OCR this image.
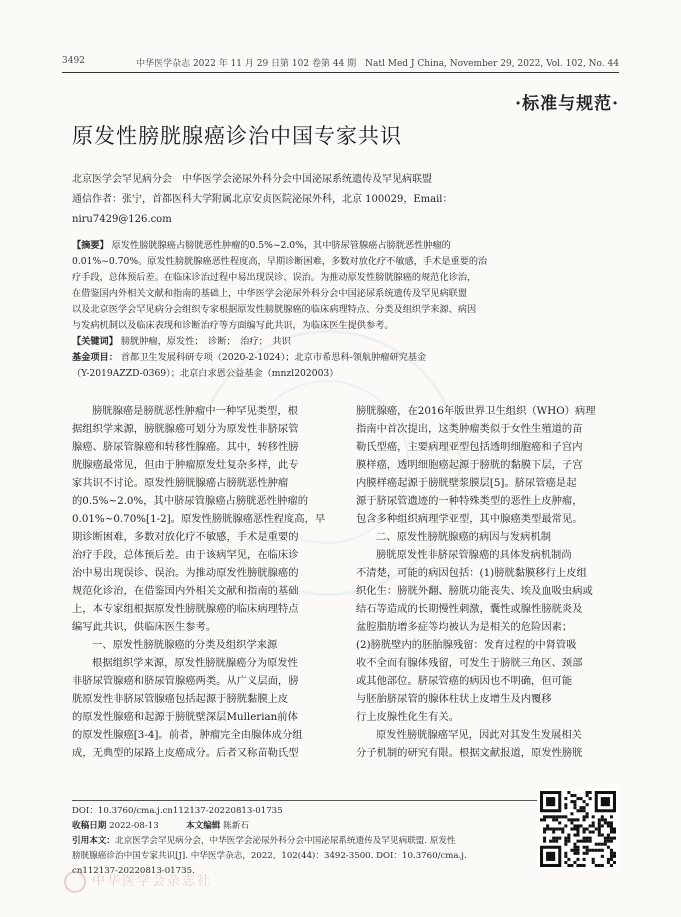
3492	中华医学杂志 2022 年 11 月 29 日第 102 卷第 44 期　Natl Med J China, November 29, 2022, Vol. 102, No. 44
·标准与规范·
原发性膀胱腺癌诊治中国专家共识
北京医学会罕见病分会　中华医学会泌尿外科分会中国泌尿系统遗传及罕见病联盟
通信作者：张宁，首都医科大学附属北京安贞医院泌尿外科，北京 100029，Email：
niru7429@126.com
【摘要】 原发性膀胱腺癌占膀胱恶性肿瘤的0.5%~2.0%，其中脐尿管腺癌占膀胱恶性肿瘤的
0.01%~0.70%。原发性膀胱腺癌恶性程度高，早期诊断困难，多数对放化疗不敏感，手术是重要的治
疗手段，总体预后差。在临床诊治过程中易出现误诊、误治。为推动原发性膀胱腺癌的规范化诊治，
在借鉴国内外相关文献和指南的基础上，中华医学会泌尿外科分会中国泌尿系统遗传及罕见病联盟
以及北京医学会罕见病分会组织专家根据原发性膀胱腺癌的临床病理特点、分类及组织学来源、病因
与发病机制以及临床表现和诊断治疗等方面编写此共识，为临床医生提供参考。
【关键词】 膀胱肿瘤，原发性；　诊断；　治疗；　共识
基金项目： 首都卫生发展科研专项（2020-2-1024）；北京市希思科-领航肿瘤研究基金
（Y-2019AZZD-0369）；北京白求恩公益基金（mnzl202003）
膀胱腺癌是膀胱恶性肿瘤中一种罕见类型，根
据组织学来源，膀胱腺癌可划分为原发性非脐尿管
腺癌、脐尿管腺癌和转移性腺癌。其中，转移性膀
胱腺癌最常见，但由于肿瘤原发灶复杂多样，此专
家共识不讨论。原发性膀胱腺癌占膀胱恶性肿瘤
的0.5%~2.0%，其中脐尿管腺癌占膀胱恶性肿瘤的
0.01%~0.70%[1-2]。原发性膀胱腺癌恶性程度高，早
期诊断困难，多数对放化疗不敏感，手术是重要的
治疗手段，总体预后差。由于该病罕见，在临床诊
治中易出现误诊、误治。为推动原发性膀胱腺癌的
规范化诊治，在借鉴国内外相关文献和指南的基础
上，本专家组根据原发性膀胱腺癌的临床病理特点
编写此共识，供临床医生参考。
一、原发性膀胱腺癌的分类及组织学来源
根据组织学来源，原发性膀胱腺癌分为原发性
非脐尿管腺癌和脐尿管腺癌两类。从广义层面，膀
胱原发性非脐尿管腺癌包括起源于膀胱黏膜上皮
的原发性腺癌和起源于膀胱壁深层Mullerian前体
的原发性腺癌[3-4]。前者，肿瘤完全由腺体成分组
成，无典型的尿路上皮癌成分。后者又称苗勒氏型
膀胱腺癌，在2016年版世界卫生组织（WHO）病理
指南中首次提出，这类肿瘤类似于女性生殖道的苗
勒氏型癌，主要病理亚型包括透明细胞癌和子宫内
膜样癌，透明细胞癌起源于膀胱的黏膜下层，子宫
内膜样癌起源于膀胱壁浆膜层[5]。脐尿管癌是起
源于脐尿管遗迹的一种特殊类型的恶性上皮肿瘤，
包含多种组织病理学亚型，其中腺癌类型最常见。
二、原发性膀胱腺癌的病因与发病机制
膀胱原发性非脐尿管腺癌的具体发病机制尚
不清楚，可能的病因包括：(1)膀胱黏膜移行上皮组
织化生：膀胱外翻、膀胱功能丧失、埃及血吸虫病或
结石等造成的长期慢性刺激，囊性或腺性膀胱炎及
盆腔脂肪增多症等均被认为是相关的危险因素；
(2)膀胱壁内的胚胎腺残留：发育过程的中肾管吸
收不全而有腺体残留，可发生于膀胱三角区、颈部
或其他部位。脐尿管癌的病因也不明确，但可能
与胚胎脐尿管的腺体柱状上皮增生及内覆移
行上皮腺性化生有关。
原发性膀胱腺癌罕见，因此对其发生发展相关
分子机制的研究有限。根据文献报道，原发性膀胱
DOI：10.3760/cma.j.cn112137-20220813-01735
收稿日期 2022-08-13	本文编辑 陈新石
引用本文：北京医学会罕见病分会，中华医学会泌尿外科分会中国泌尿系统遗传及罕见病联盟. 原发性
膀胱腺癌诊治中国专家共识[J]. 中华医学杂志，2022，102(44)：3492-3500. DOI：10.3760/cma.j.
cn112137-20220813-01735.
中华医学会杂志社
